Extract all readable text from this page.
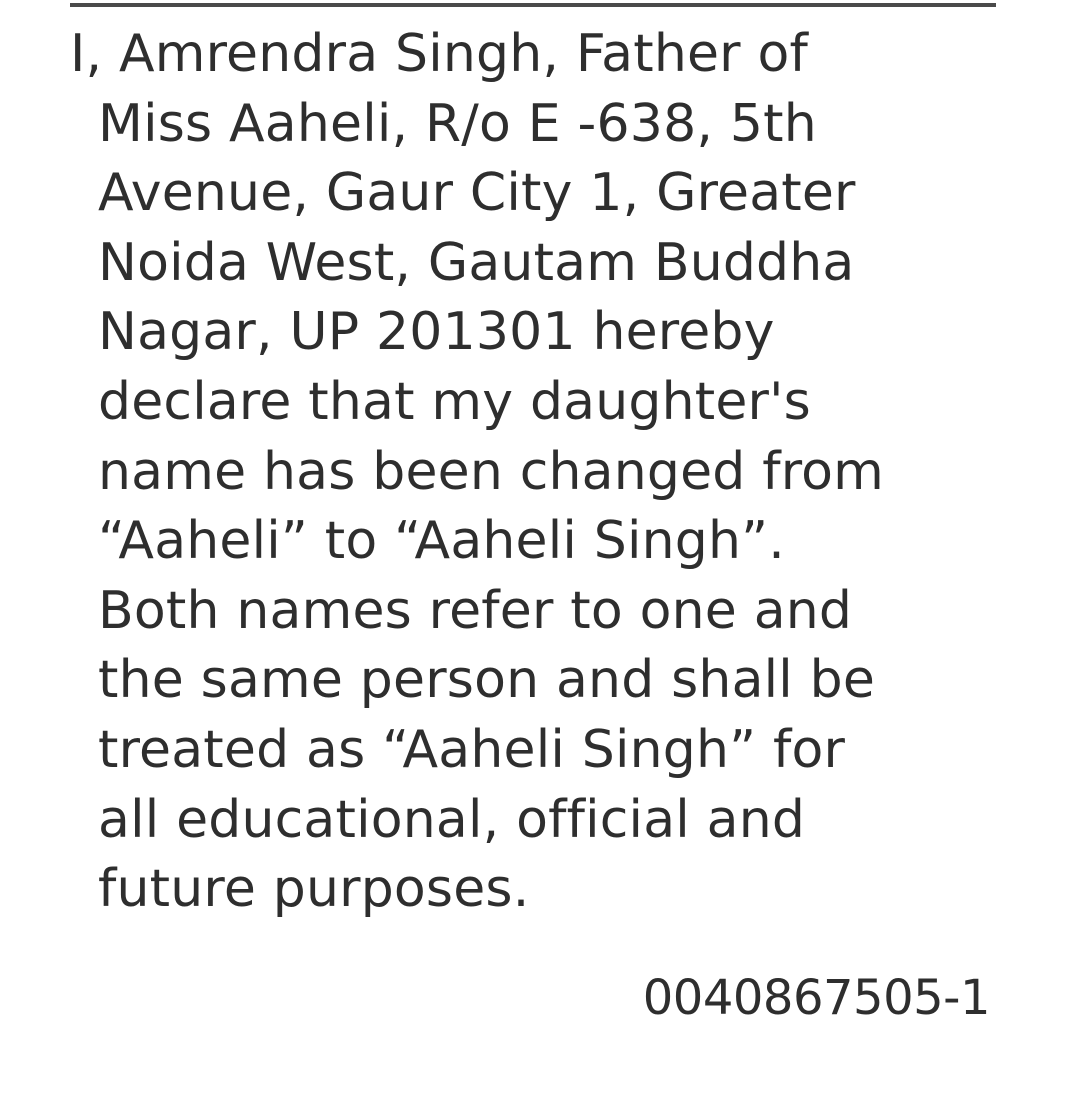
I, Amrendra Singh, Father of
Miss Aaheli, R/o E -638, 5th
Avenue, Gaur City 1, Greater
Noida West, Gautam Buddha
Nagar, UP 201301 hereby
declare that my daughter's
name has been changed from
“Aaheli” to “Aaheli Singh”.
Both names refer to one and
the same person and shall be
treated as “Aaheli Singh” for
all educational, official and
future purposes.
0040867505-1
